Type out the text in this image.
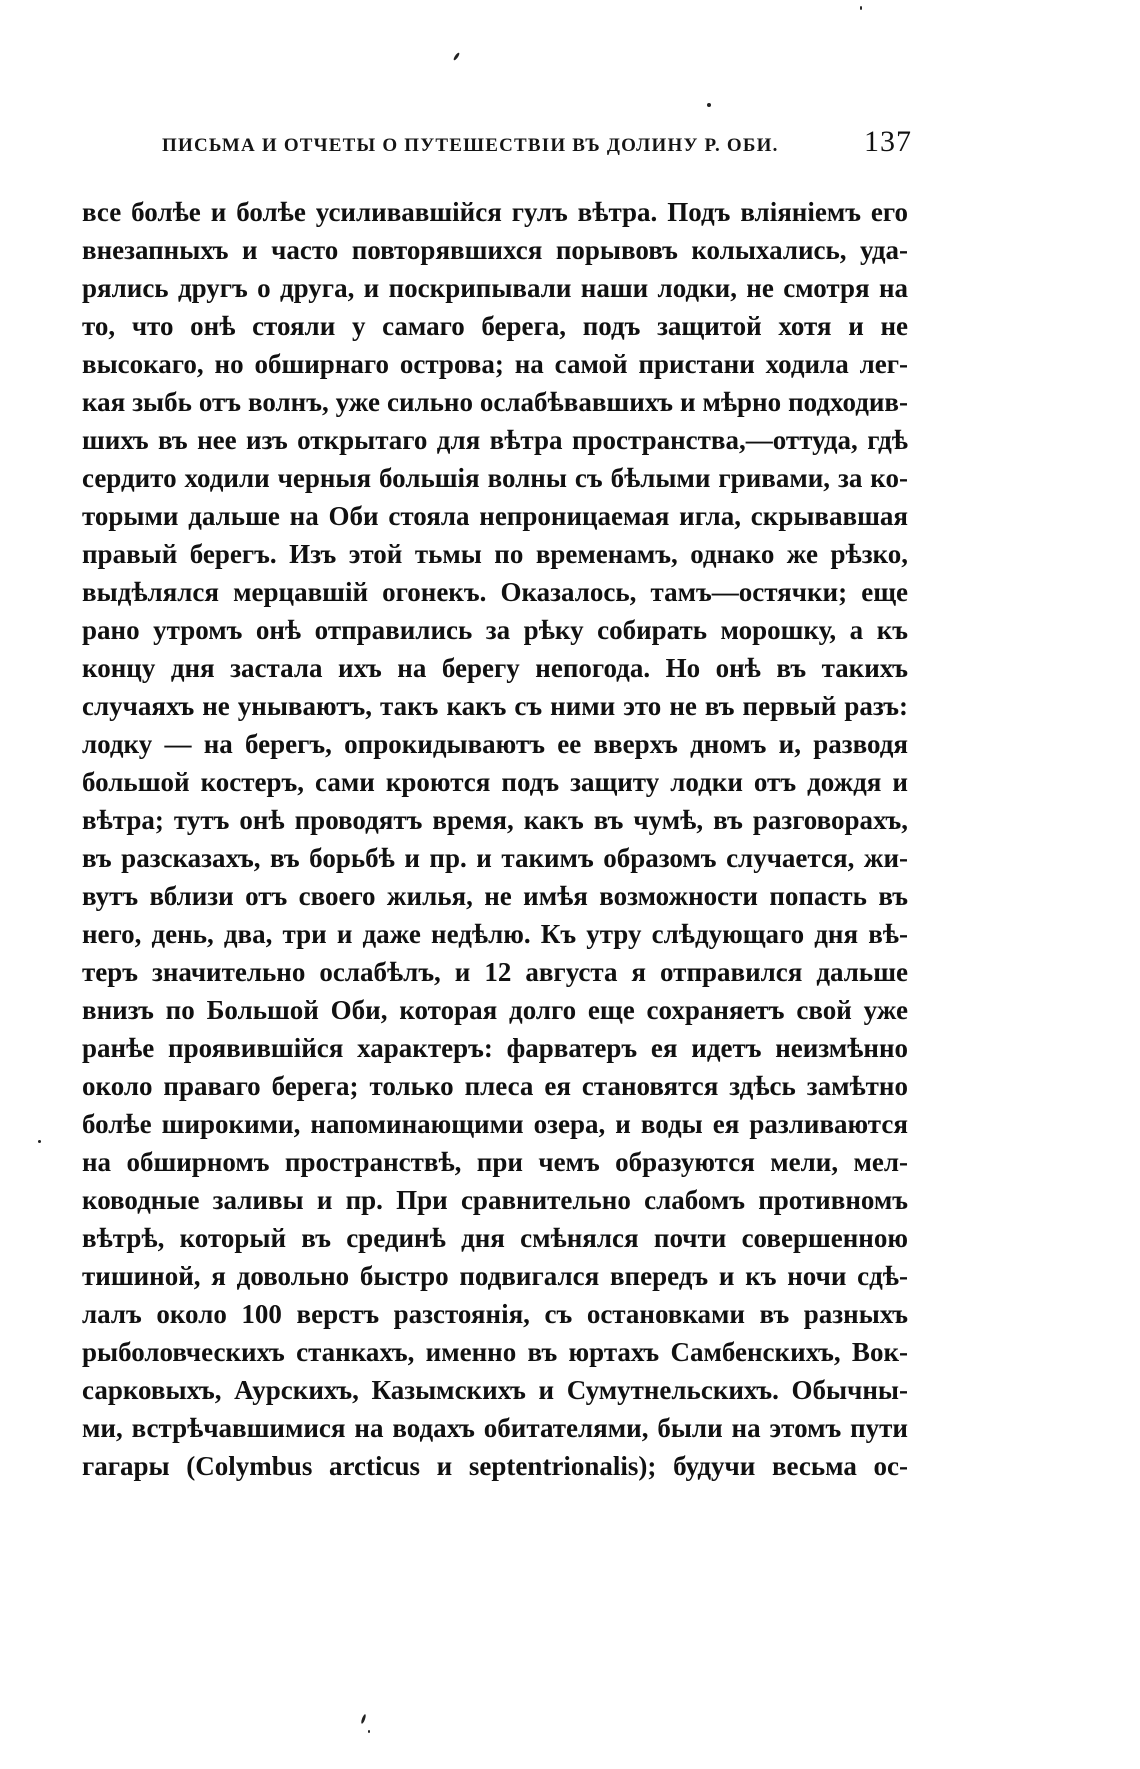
ПИСЬМА И ОТЧЕТЫ О ПУТЕШЕСТВІИ ВЪ ДОЛИНУ Р. ОБИ.	137
все болѣе и болѣе усиливавшійся гулъ вѣтра. Подъ вліяніемъ его
внезапныхъ и часто повторявшихся порывовъ колыхались, уда-
рялись другъ о друга, и поскрипывали наши лодки, не смотря на
то, что онѣ стояли у самаго берега, подъ защитой хотя и не
высокаго, но обширнаго острова; на самой пристани ходила лег-
кая зыбь отъ волнъ, уже сильно ослабѣвавшихъ и мѣрно подходив-
шихъ въ нее изъ открытаго для вѣтра пространства,—оттуда, гдѣ
сердито ходили черныя большія волны съ бѣлыми гривами, за ко-
торыми дальше на Оби стояла непроницаемая игла, скрывавшая
правый берегъ. Изъ этой тьмы по временамъ, однако же рѣзко,
выдѣлялся мерцавшій огонекъ. Оказалось, тамъ—остячки; еще
рано утромъ онѣ отправились за рѣку собирать морошку, а къ
концу дня застала ихъ на берегу непогода. Но онѣ въ такихъ
случаяхъ не унываютъ, такъ какъ съ ними это не въ первый разъ:
лодку — на берегъ, опрокидываютъ ее вверхъ дномъ и, разводя
большой костеръ, сами кроются подъ защиту лодки отъ дождя и
вѣтра; тутъ онѣ проводятъ время, какъ въ чумѣ, въ разговорахъ,
въ разсказахъ, въ борьбѣ и пр. и такимъ образомъ случается, жи-
вутъ вблизи отъ своего жилья, не имѣя возможности попасть въ
него, день, два, три и даже недѣлю. Къ утру слѣдующаго дня вѣ-
теръ значительно ослабѣлъ, и 12 августа я отправился дальше
внизъ по Большой Оби, которая долго еще сохраняетъ свой уже
ранѣе проявившійся характеръ: фарватеръ ея идетъ неизмѣнно
около праваго берега; только плеса ея становятся здѣсь замѣтно
болѣе широкими, напоминающими озера, и воды ея разливаются
на обширномъ пространствѣ, при чемъ образуются мели, мел-
ководные заливы и пр. При сравнительно слабомъ противномъ
вѣтрѣ, который въ срединѣ дня смѣнялся почти совершенною
тишиной, я довольно быстро подвигался впередъ и къ ночи сдѣ-
лалъ около 100 верстъ разстоянія, съ остановками въ разныхъ
рыболовческихъ станкахъ, именно въ юртахъ Самбенскихъ, Вок-
сарковыхъ, Аурскихъ, Казымскихъ и Сумутнельскихъ. Обычны-
ми, встрѣчавшимися на водахъ обитателями, были на этомъ пути
гагары (Colymbus arcticus и septentrionalis); будучи весьма ос-
